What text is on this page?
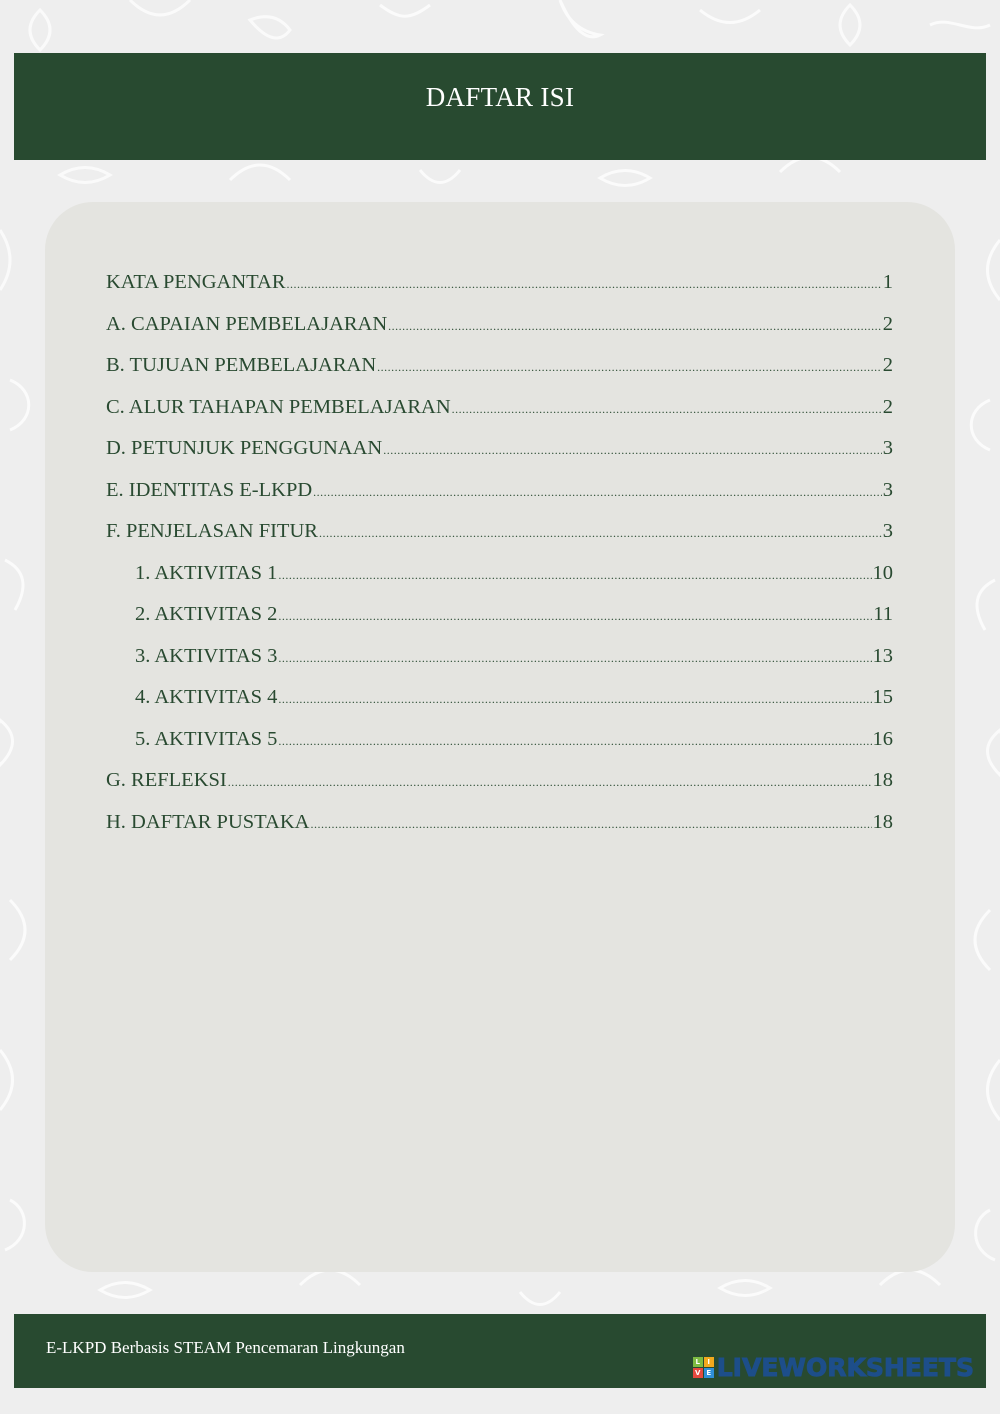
DAFTAR ISI
KATA PENGANTAR .....	1
A. CAPAIAN PEMBELAJARAN .....	2
B. TUJUAN PEMBELAJARAN .....	2
C. ALUR TAHAPAN PEMBELAJARAN .....	2
D. PETUNJUK PENGGUNAAN .....	3
E. IDENTITAS E-LKPD .....	3
F. PENJELASAN FITUR .....	3
1. AKTIVITAS 1 .....	10
2. AKTIVITAS 2 .....	11
3. AKTIVITAS 3 .....	13
4. AKTIVITAS 4 .....	15
5. AKTIVITAS 5 .....	16
G. REFLEKSI .....	18
H. DAFTAR PUSTAKA .....	18
E-LKPD Berbasis STEAM Pencemaran Lingkungan
L	I
V E LIVEWORKSHEETS
